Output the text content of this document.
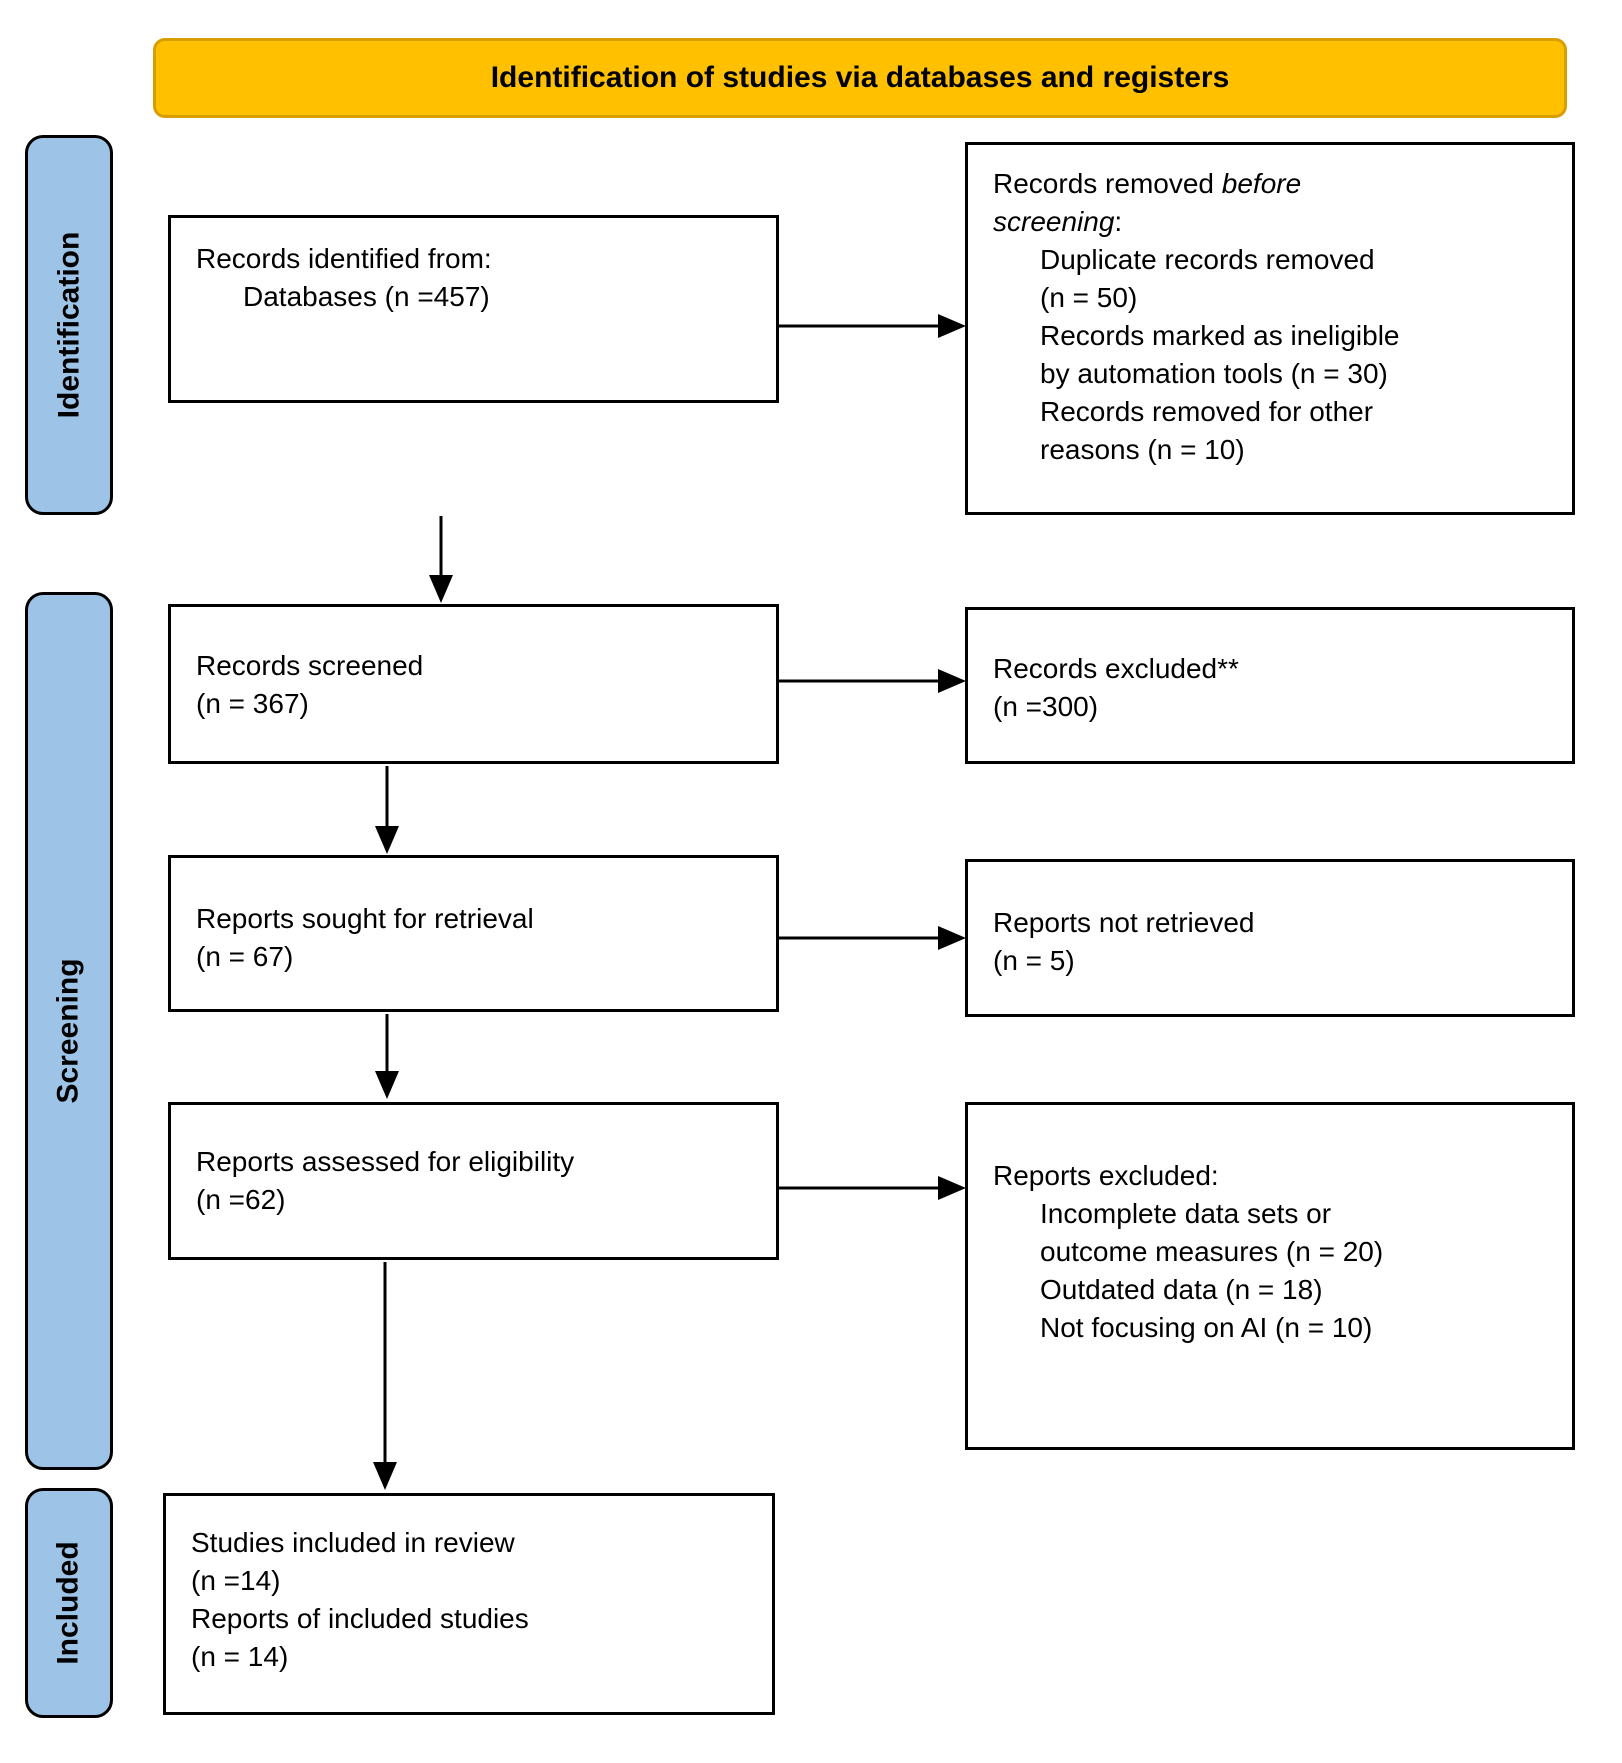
Identification of studies via databases and registers
Identification
Screening
Included
Records identified from:
Databases (n =457)
Records removed before
screening:
Duplicate records removed
(n = 50)
Records marked as ineligible
by automation tools (n = 30)
Records removed for other
reasons (n = 10)
Records screened
(n = 367)
Records excluded**
(n =300)
Reports sought for retrieval
(n = 67)
Reports not retrieved
(n = 5)
Reports assessed for eligibility
(n =62)
Reports excluded:
Incomplete data sets or
outcome measures (n = 20)
Outdated data (n = 18)
Not focusing on AI (n = 10)
Studies included in review
(n =14)
Reports of included studies
(n = 14)
